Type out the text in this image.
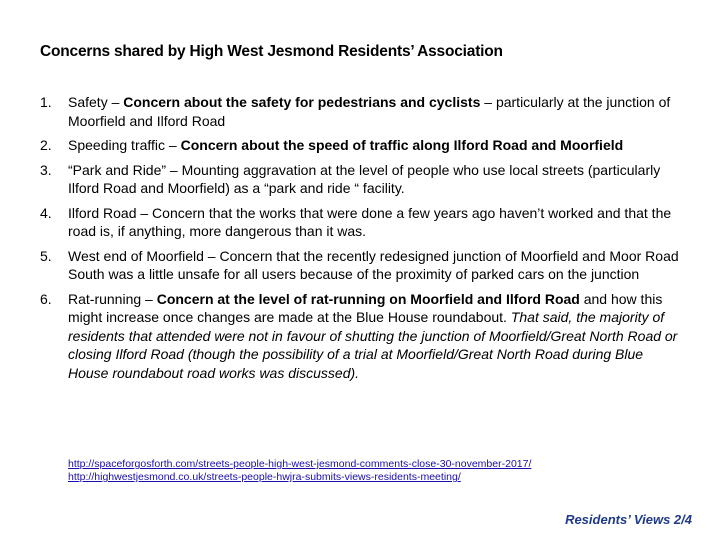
Concerns shared by High West Jesmond Residents’ Association
1. Safety – Concern about the safety for pedestrians and cyclists – particularly at the junction of Moorfield and Ilford Road
2. Speeding traffic – Concern about the speed of traffic along Ilford Road and Moorfield
3. “Park and Ride” – Mounting aggravation at the level of people who use local streets (particularly Ilford Road and Moorfield) as a “park and ride “ facility.
4. Ilford Road – Concern that the works that were done a few years ago haven’t worked and that the road is, if anything, more dangerous than it was.
5. West end of Moorfield – Concern that the recently redesigned junction of Moorfield and Moor Road South was a little unsafe for all users because of the proximity of parked cars on the junction
6. Rat-running – Concern at the level of rat-running on Moorfield and Ilford Road and how this might increase once changes are made at the Blue House roundabout. That said, the majority of residents that attended were not in favour of shutting the junction of Moorfield/Great North Road or closing Ilford Road (though the possibility of a trial at Moorfield/Great North Road during Blue House roundabout road works was discussed).
http://spaceforgosforth.com/streets-people-high-west-jesmond-comments-close-30-november-2017/
http://highwestjesmond.co.uk/streets-people-hwjra-submits-views-residents-meeting/
Residents’ Views 2/4
